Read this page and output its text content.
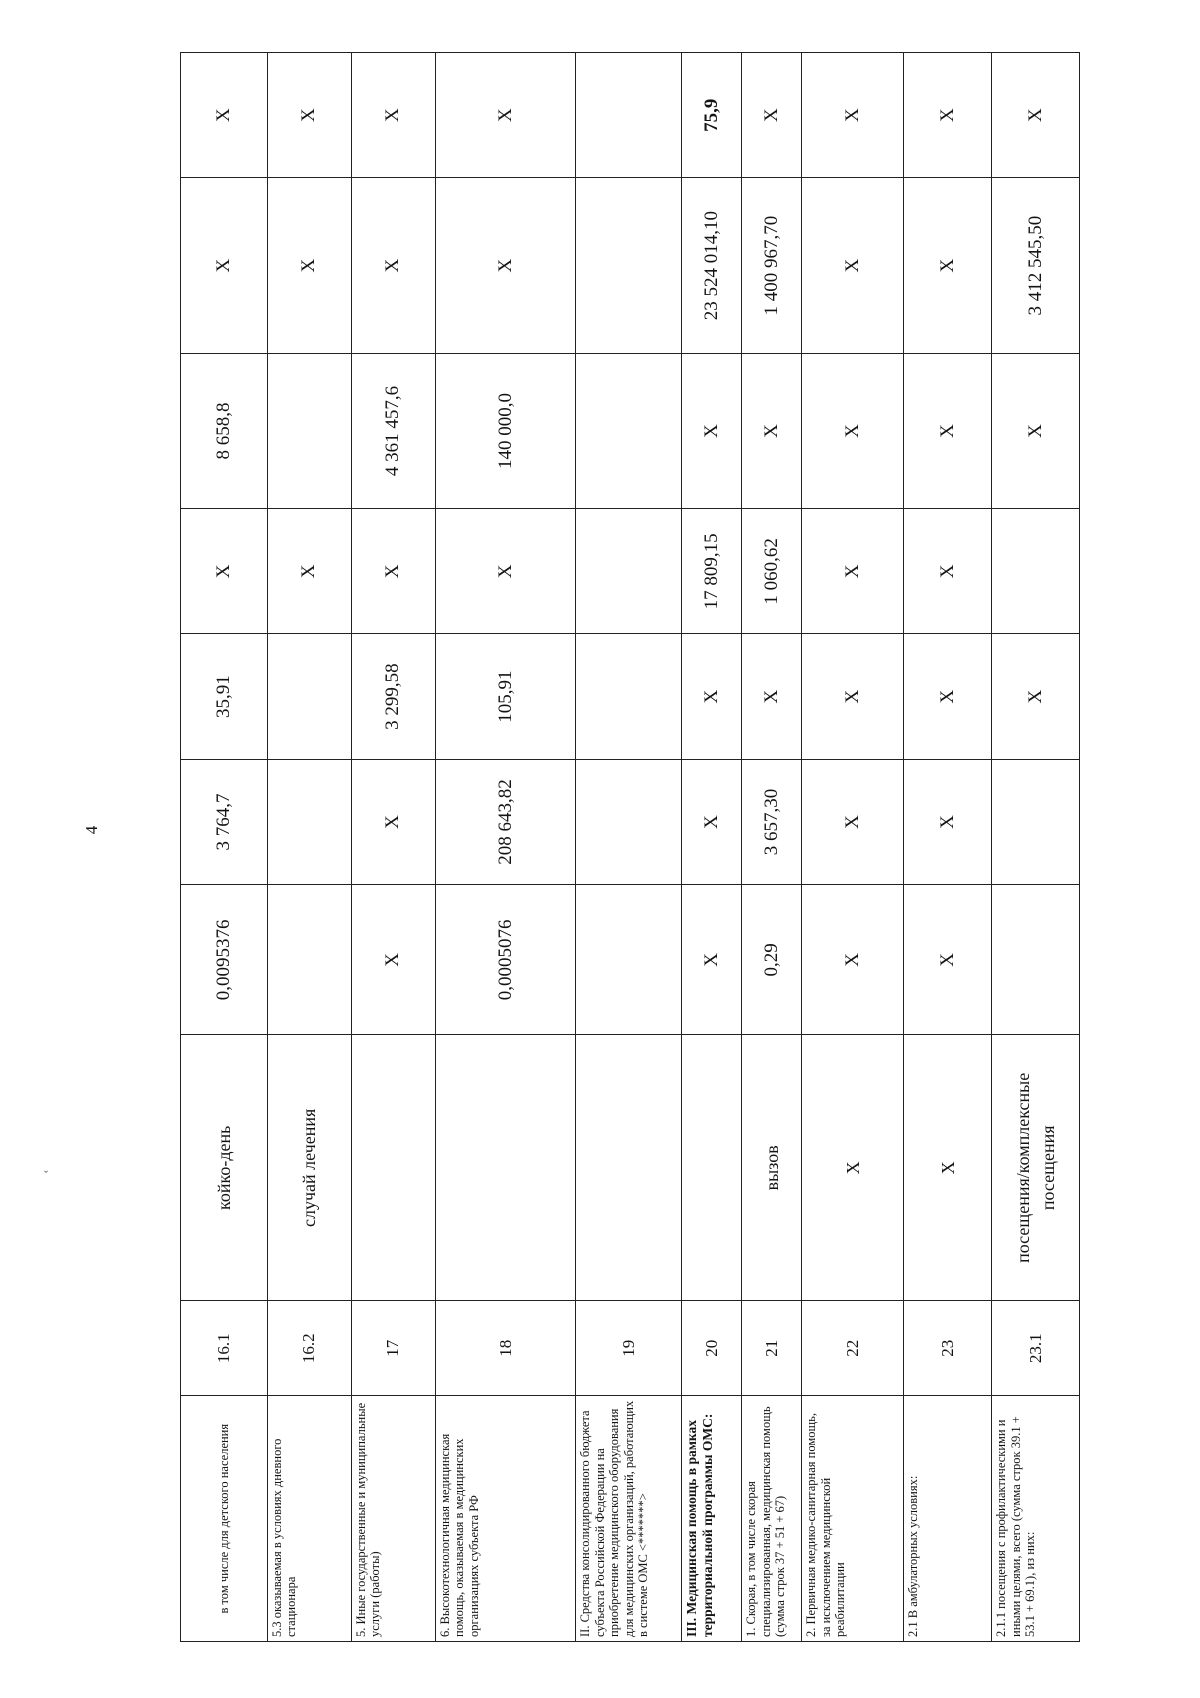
4
ˇ
в том числе для детского населения	16.1	койко-день	0,0095376	3 764,7	35,91	X	8 658,8	X	X
5.3 оказываемая в условиях дневного стационара	16.2	случай лечения				X		X	X
5. Иные государственные и муниципальные услуги (работы)	17		X	X	3 299,58	X	4 361 457,6	X	X
6. Высокотехнологичная медицинская помощь, оказываемая в медицинских организациях субъекта РФ	18		0,0005076	208 643,82	105,91	X	140 000,0	X	X
II. Средства консолидированного бюджета субъекта Российской Федерации на приобретение медицинского оборудования для медицинских организаций, работающих в системе ОМС <*******>	19								
III. Медицинская помощь в рамках территориальной программы ОМС:	20		X	X	X	17 809,15	X	23 524 014,10	75,9
1. Скорая, в том числе скорая специализированная, медицинская помощь (сумма строк 37 + 51 + 67)	21	вызов	0,29	3 657,30	X	1 060,62	X	1 400 967,70	X
2. Первичная медико-санитарная помощь, за исключением медицинской реабилитации	22	X	X	X	X	X	X	X	X
2.1 В амбулаторных условиях:	23	X	X	X	X	X	X	X	X
2.1.1 посещения с профилактическими и иными целями, всего (сумма строк 39.1 + 53.1 + 69.1), из них:	23.1	посещения/комплексные посещения			X		X	3 412 545,50	X
